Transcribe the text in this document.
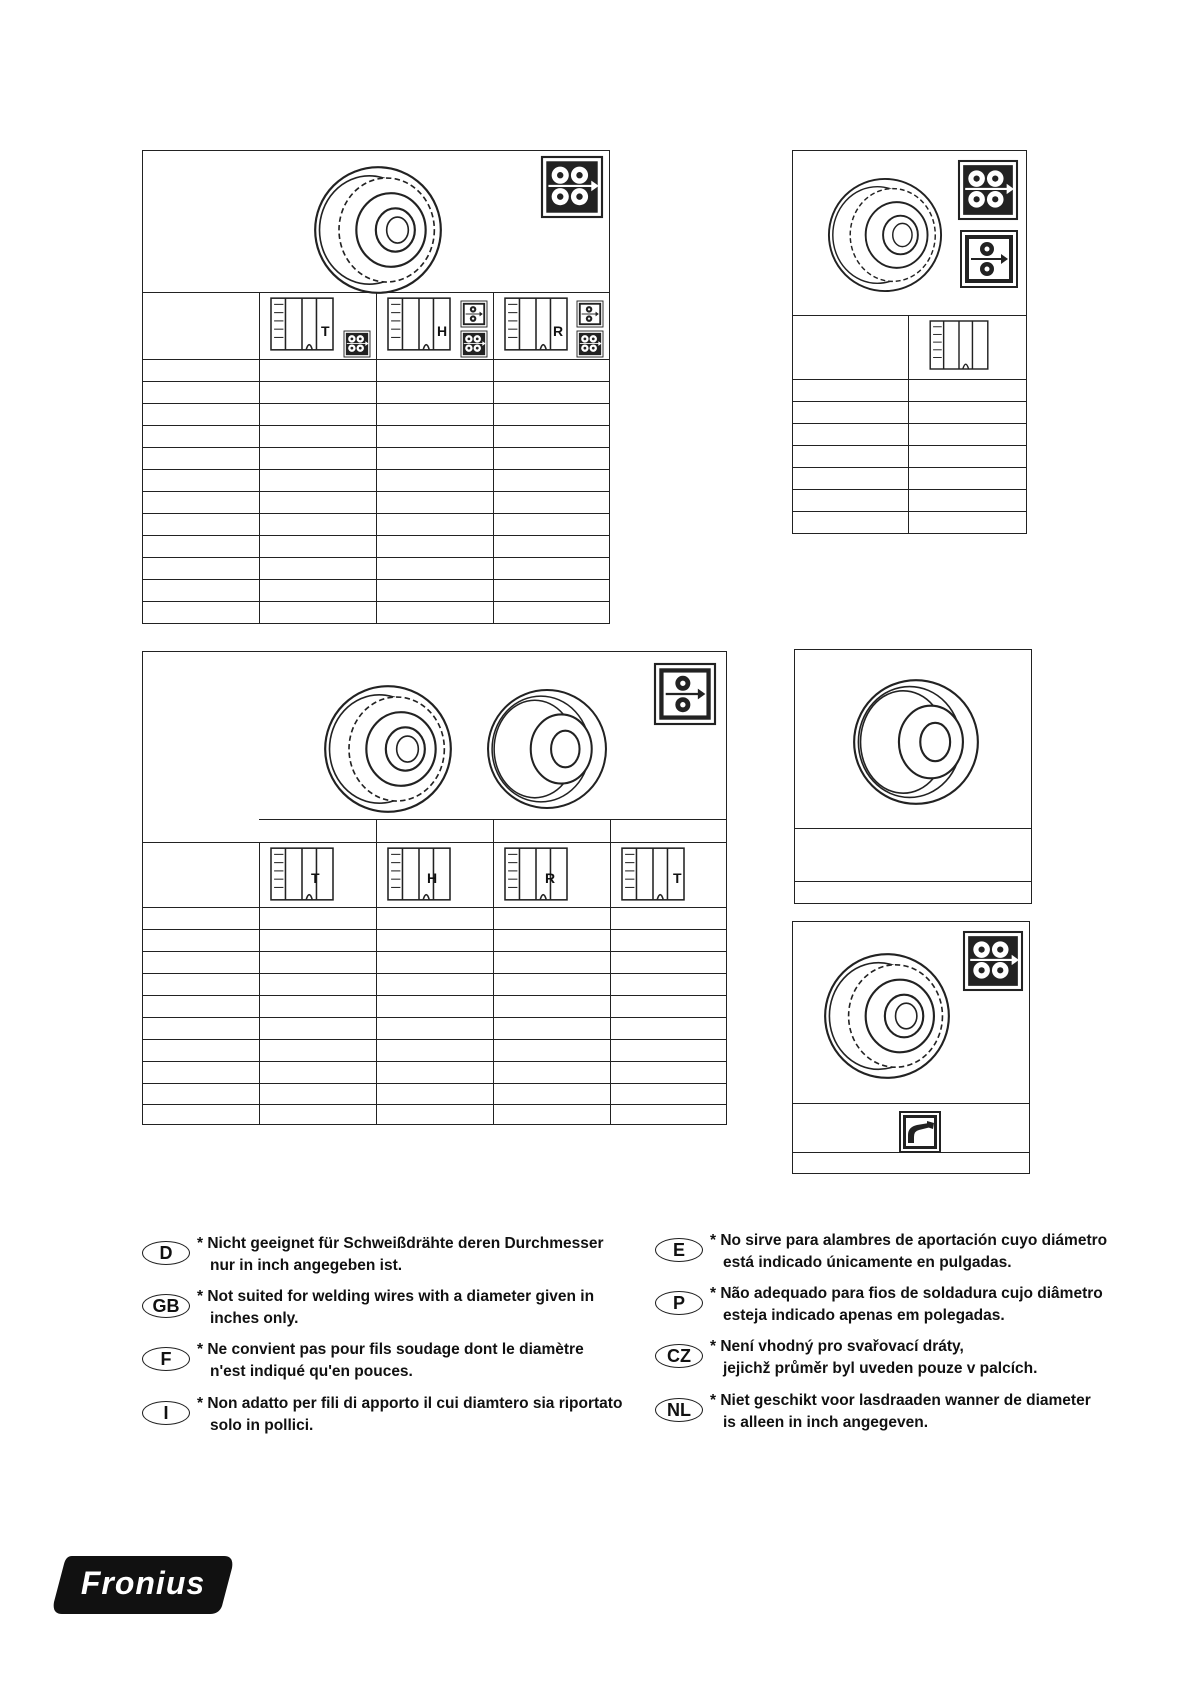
T	H	R
T	H	R	T
D	* Nicht geeignet für Schweißdrähte deren Durchmesser
nur in inch angegeben ist.
GB	* Not suited for welding wires with a diameter given in
inches only.
F	* Ne convient pas pour fils soudage dont le diamètre
n'est indiqué qu'en pouces.
I	* Non adatto per fili di apporto il cui diamtero sia riportato
solo in pollici.
E	* No sirve para alambres de aportación cuyo diámetro
está indicado únicamente en pulgadas.
P	* Não adequado para fios de soldadura cujo diâmetro
esteja indicado apenas em polegadas.
CZ	* Není vhodný pro svařovací dráty,
jejichž průměr byl uveden pouze v palcích.
NL	* Niet geschikt voor lasdraaden wanner de diameter
is alleen in inch angegeven.
Fronius
